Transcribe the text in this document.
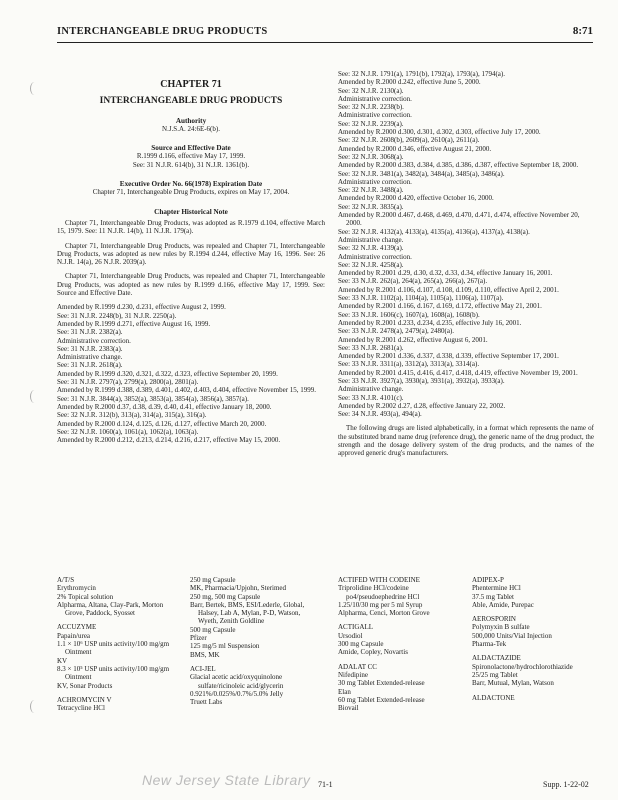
INTERCHANGEABLE DRUG PRODUCTS	8:71
CHAPTER 71
INTERCHANGEABLE DRUG PRODUCTS
Authority
N.J.S.A. 24:6E-6(b).
Source and Effective Date
R.1999 d.166, effective May 17, 1999.
See: 31 N.J.R. 614(b), 31 N.J.R. 1361(b).
Executive Order No. 66(1978) Expiration Date
Chapter 71, Interchangeable Drug Products, expires on May 17, 2004.
Chapter Historical Note

Chapter 71, Interchangeable Drug Products, was adopted as R.1979 d.104, effective March 15, 1979. See: 11 N.J.R. 14(b), 11 N.J.R. 179(a).

Chapter 71, Interchangeable Drug Products, was repealed and Chapter 71, Interchangeable Drug Products, was adopted as new rules by R.1994 d.244, effective May 16, 1996. See: 26 N.J.R. 14(a), 26 N.J.R. 2039(a).

Chapter 71, Interchangeable Drug Products, was repealed and Chapter 71, Interchangeable Drug Products, was adopted as new rules by R.1999 d.166, effective May 17, 1999. See: Source and Effective Date.

Amended by R.1999 d.230, d.231, effective August 2, 1999.
See: 31 N.J.R. 2248(b), 31 N.J.R. 2250(a).
Amended by R.1999 d.271, effective August 16, 1999.
See: 31 N.J.R. 2382(a).
Administrative correction.
See: 31 N.J.R. 2383(a).
Administrative change.
See: 31 N.J.R. 2618(a).
Amended by R.1999 d.320, d.321, d.322, d.323, effective September 20, 1999.
See: 31 N.J.R. 2797(a), 2799(a), 2800(a), 2801(a).
Amended by R.1999 d.388, d.389, d.401, d.402, d.403, d.404, effective November 15, 1999.
See: 31 N.J.R. 3844(a), 3852(a), 3853(a), 3854(a), 3856(a), 3857(a).
Amended by R.2000 d.37, d.38, d.39, d.40, d.41, effective January 18, 2000.
See: 32 N.J.R. 312(b), 313(a), 314(a), 315(a), 316(a).
Amended by R.2000 d.124, d.125, d.126, d.127, effective March 20, 2000.
See: 32 N.J.R. 1060(a), 1061(a), 1062(a), 1063(a).
Amended by R.2000 d.212, d.213, d.214, d.216, d.217, effective May 15, 2000.
See: 32 N.J.R. 1791(a), 1791(b), 1792(a), 1793(a), 1794(a).
Amended by R.2000 d.242, effective June 5, 2000.
See: 32 N.J.R. 2130(a).
Administrative correction.
See: 32 N.J.R. 2238(b).
Administrative correction.
See: 32 N.J.R. 2239(a).
Amended by R.2000 d.300, d.301, d.302, d.303, effective July 17, 2000.
See: 32 N.J.R. 2608(b), 2609(a), 2610(a), 2611(a).
Amended by R.2000 d.346, effective August 21, 2000.
See: 32 N.J.R. 3068(a).
Amended by R.2000 d.383, d.384, d.385, d.386, d.387, effective September 18, 2000.
See: 32 N.J.R. 3481(a), 3482(a), 3484(a), 3485(a), 3486(a).
Administrative correction.
See: 32 N.J.R. 3488(a).
Amended by R.2000 d.420, effective October 16, 2000.
See: 32 N.J.R. 3835(a).
Amended by R.2000 d.467, d.468, d.469, d.470, d.471, d.474, effective November 20, 2000.
See: 32 N.J.R. 4132(a), 4133(a), 4135(a), 4136(a), 4137(a), 4138(a).
Administrative change.
See: 32 N.J.R. 4139(a).
Administrative correction.
See: 32 N.J.R. 4258(a).
Amended by R.2001 d.29, d.30, d.32, d.33, d.34, effective January 16, 2001.
See: 33 N.J.R. 262(a), 264(a), 265(a), 266(a), 267(a).
Amended by R.2001 d.106, d.107, d.108, d.109, d.110, effective April 2, 2001.
See: 33 N.J.R. 1102(a), 1104(a), 1105(a), 1106(a), 1107(a).
Amended by R.2001 d.166, d.167, d.169, d.172, effective May 21, 2001.
See: 33 N.J.R. 1606(c), 1607(a), 1608(a), 1608(b).
Amended by R.2001 d.233, d.234, d.235, effective July 16, 2001.
See: 33 N.J.R. 2478(a), 2479(a), 2480(a).
Amended by R.2001 d.262, effective August 6, 2001.
See: 33 N.J.R. 2681(a).
Amended by R.2001 d.336, d.337, d.338, d.339, effective September 17, 2001.
See: 33 N.J.R. 3311(a), 3312(a), 3313(a), 3314(a).
Amended by R.2001 d.415, d.416, d.417, d.418, d.419, effective November 19, 2001.
See: 33 N.J.R. 3927(a), 3930(a), 3931(a), 3932(a), 3933(a).
Administrative change.
See: 33 N.J.R. 4101(c).
Amended by R.2002 d.27, d.28, effective January 22, 2002.
See: 34 N.J.R. 493(a), 494(a).

The following drugs are listed alphabetically, in a format which represents the name of the substituted brand name drug (reference drug), the generic name of the drug product, the strength and the dosage delivery system of the drug products, and the names of the approved generic drug's manufacturers.

A/T/S
Erythromycin
2% Topical solution
Alpharma, Altana, Clay-Park, Morton Grove, Paddock, Syosset
ACCUZYME
Papain/urea
1.1 × 10⁶ USP units activity/100 mg/gm Ointment
KV
8.3 × 10⁵ USP units activity/100 mg/gm Ointment
KV, Sonar Products
ACHROMYCIN V
Tetracycline HCl
250 mg Capsule
MK, Pharmacia/Upjohn, Sterimed
250 mg, 500 mg Capsule
Barr, Bertek, BMS, ESI/Lederle, Global, Halsey, Lab A, Mylan, P-D, Watson, Wyeth, Zenith Goldline
500 mg Capsule
Pfizer
125 mg/5 ml Suspension
BMS, MK
ACI-JEL
Glacial acetic acid/oxyquinolone sulfate/ricinoleic acid/glycerin
0.921%/0.025%/0.7%/5.0% Jelly
Truett Labs
ACTIFED WITH CODEINE
Triprolidine HCl/codeine po4/pseudoephedrine HCl
1.25/10/30 mg per 5 ml Syrup
Alpharma, Cenci, Morton Grove
ACTIGALL
Ursodiol
300 mg Capsule
Amide, Copley, Novartis
ADALAT CC
Nifedipine
30 mg Tablet Extended-release
Elan
60 mg Tablet Extended-release
Biovail
ADIPEX-P
Phentermine HCl
37.5 mg Tablet
Able, Amide, Purepac
AEROSPORIN
Polymyxin B sulfate
500,000 Units/Vial Injection
Pharma-Tek
ALDACTAZIDE
Spironolactone/hydrochlorothiazide
25/25 mg Tablet
Barr, Mutual, Mylan, Watson
ALDACTONE
New Jersey State Library 71-1	Supp. 1-22-02
